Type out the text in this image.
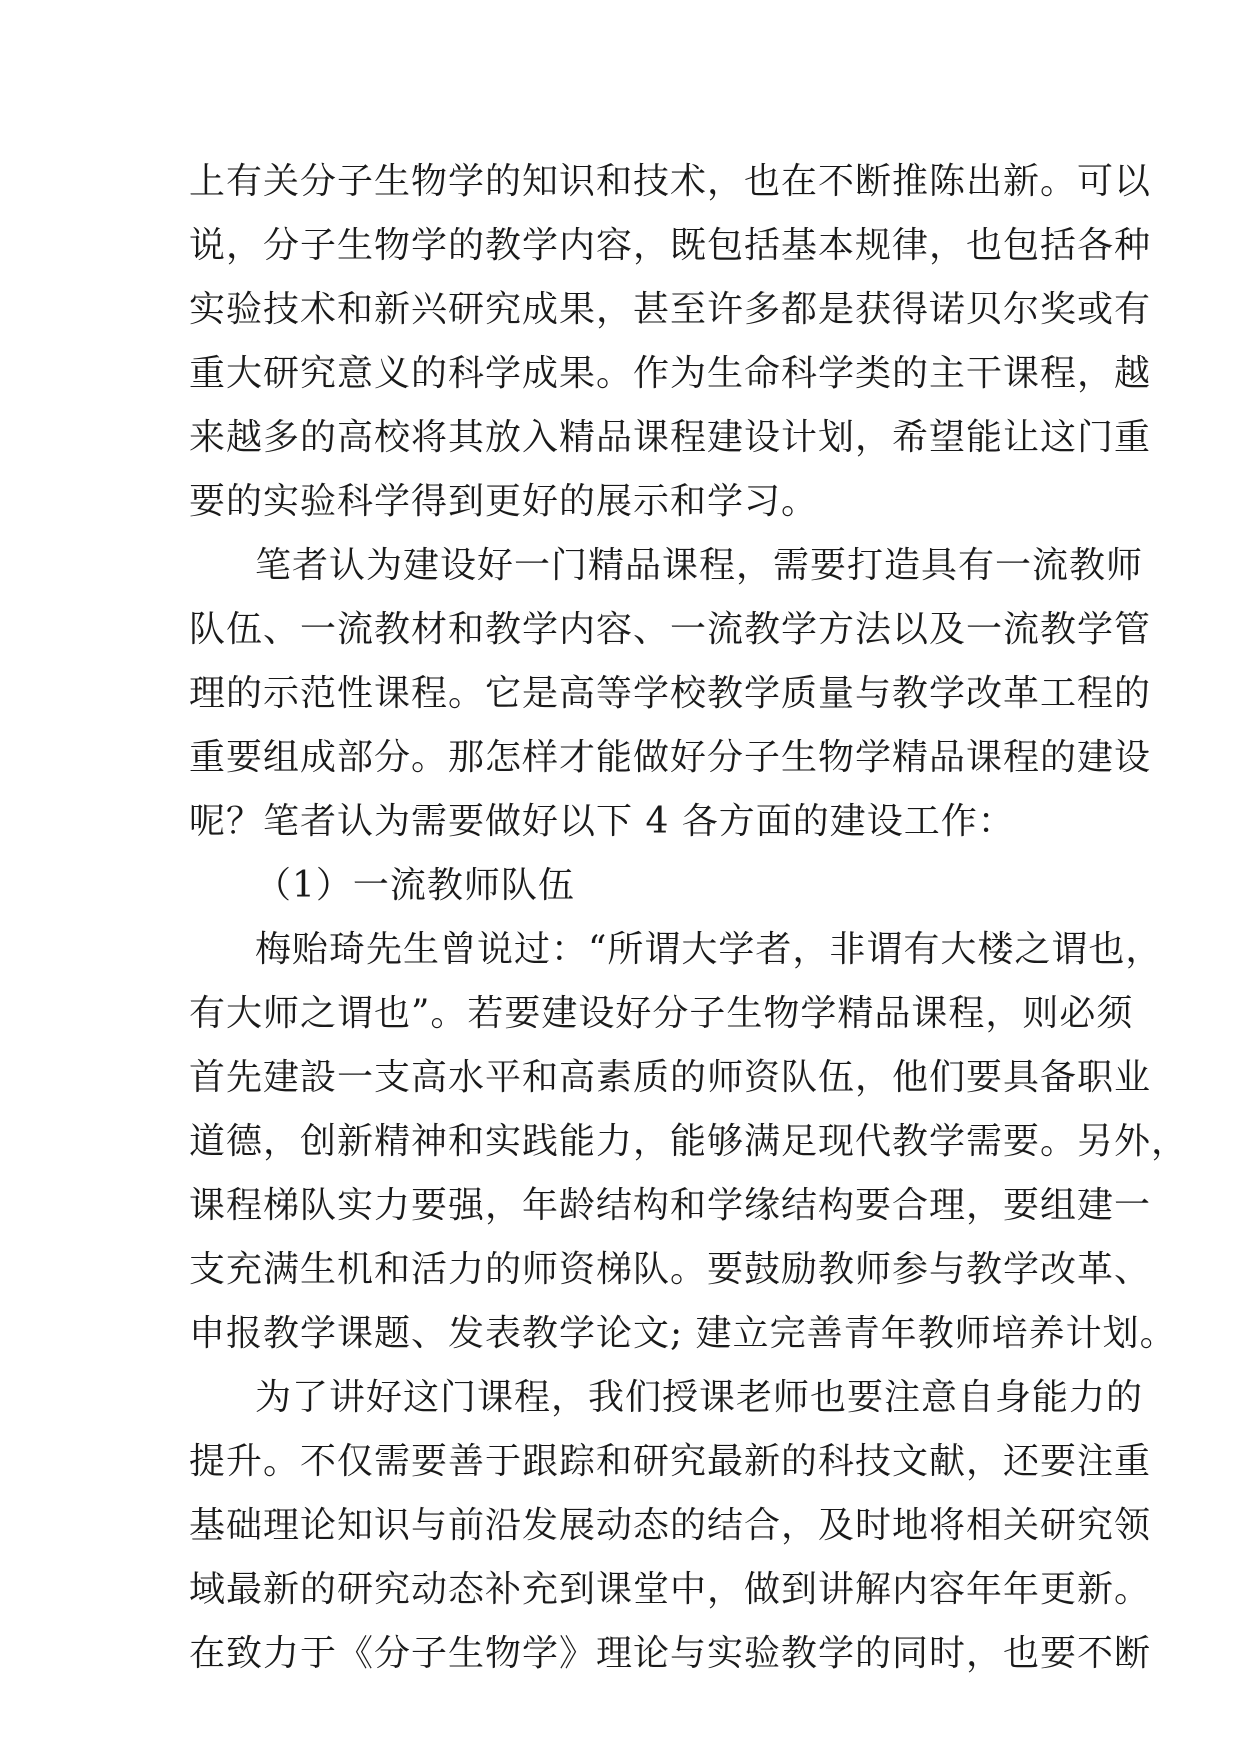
上有关分子生物学的知识和技术，也在不断推陈出新。可以
说，分子生物学的教学内容，既包括基本规律，也包括各种
实验技术和新兴研究成果，甚至许多都是获得诺贝尔奖或有
重大研究意义的科学成果。作为生命科学类的主干课程，越
来越多的高校将其放入精品课程建设计划，希望能让这门重
要的实验科学得到更好的展示和学习。
笔者认为建设好一门精品课程，需要打造具有一流教师
队伍、一流教材和教学内容、一流教学方法以及一流教学管
理的示范性课程。它是高等学校教学质量与教学改革工程的
重要组成部分。那怎样才能做好分子生物学精品课程的建设
呢？笔者认为需要做好以下 4 各方面的建设工作：
（1）一流教师队伍
梅贻琦先生曾说过：“所谓大学者，非谓有大楼之谓也，
有大师之谓也”。若要建设好分子生物学精品课程，则必须
首先建設一支高水平和高素质的师资队伍，他们要具备职业
道德，创新精神和实践能力，能够满足现代教学需要。另外，
课程梯队实力要强，年龄结构和学缘结构要合理，要组建一
支充满生机和活力的师资梯队。要鼓励教师参与教学改革、
申报教学课题、发表教学论文; 建立完善青年教师培养计划。
为了讲好这门课程，我们授课老师也要注意自身能力的
提升。不仅需要善于跟踪和研究最新的科技文献，还要注重
基础理论知识与前沿发展动态的结合，及时地将相关研究领
域最新的研究动态补充到课堂中，做到讲解内容年年更新。
在致力于《分子生物学》理论与实验教学的同时，也要不断
